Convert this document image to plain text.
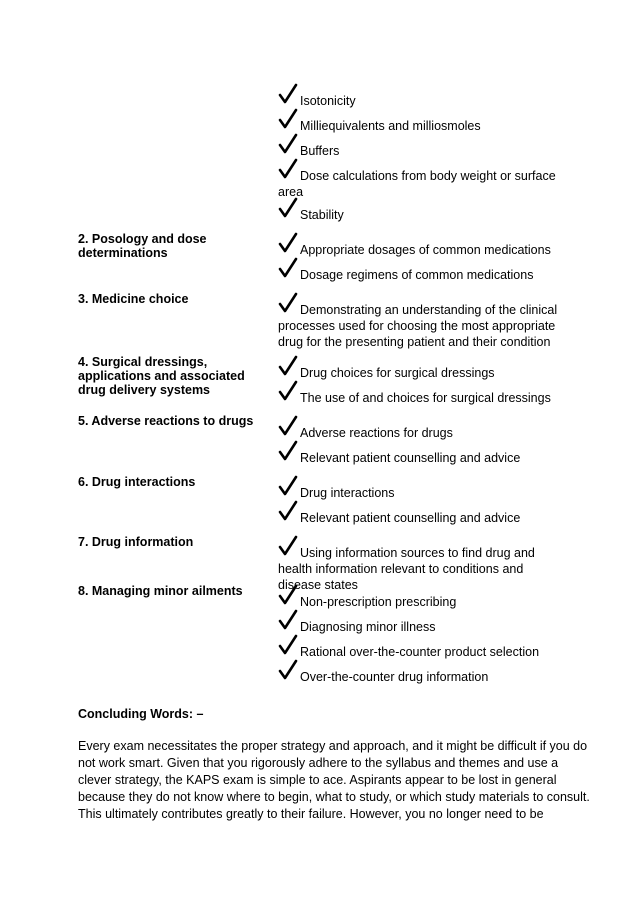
2. Posology and dose determinations
3. Medicine choice
4. Surgical dressings, applications and associated drug delivery systems
5. Adverse reactions to drugs
6. Drug interactions
7. Drug information
8. Managing minor ailments
Isotonicity
Milliequivalents and milliosmoles
Buffers
Dose calculations from body weight or surface area
Stability
Appropriate dosages of common medications
Dosage regimens of common medications
Demonstrating an understanding of the clinical processes used for choosing the most appropriate drug for the presenting patient and their condition
Drug choices for surgical dressings
The use of and choices for surgical dressings
Adverse reactions for drugs
Relevant patient counselling and advice
Drug interactions
Relevant patient counselling and advice
Using information sources to find drug and health information relevant to conditions and disease states
Non-prescription prescribing
Diagnosing minor illness
Rational over-the-counter product selection
Over-the-counter drug information
Concluding Words: –
Every exam necessitates the proper strategy and approach, and it might be difficult if you do
not work smart. Given that you rigorously adhere to the syllabus and themes and use a
clever strategy, the KAPS exam is simple to ace. Aspirants appear to be lost in general
because they do not know where to begin, what to study, or which study materials to consult.
This ultimately contributes greatly to their failure. However, you no longer need to be
